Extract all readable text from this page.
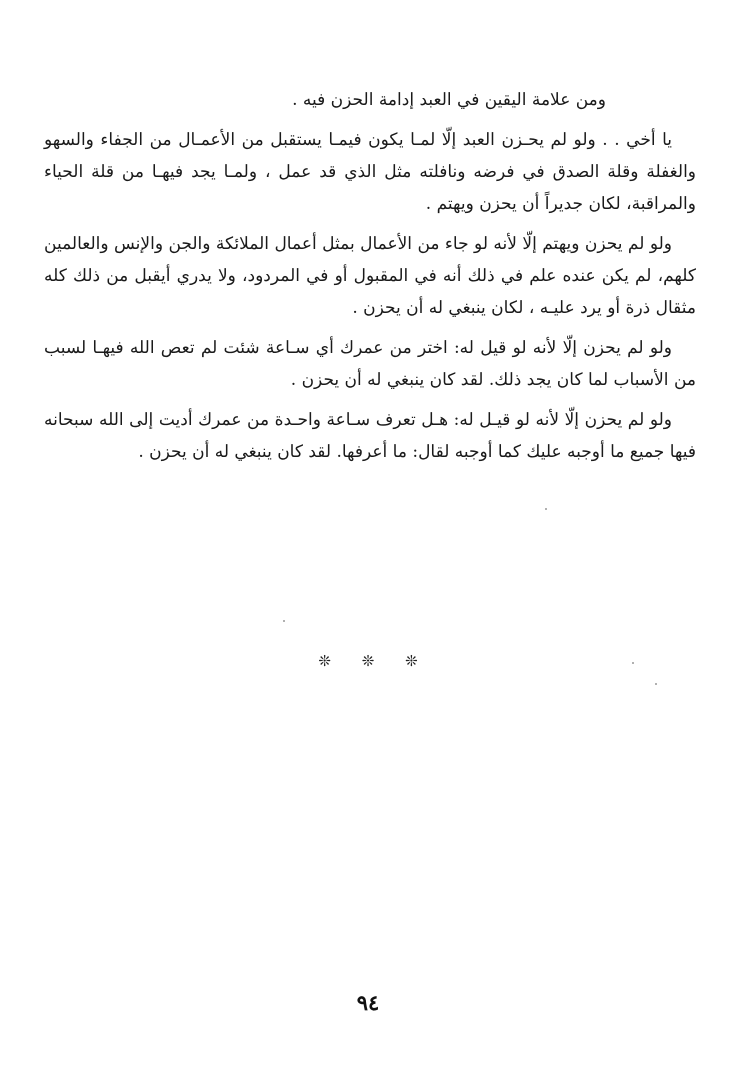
ومن علامة اليقين في العبد إدامة الحزن فيه .

يا أخي . . ولو لم يحـزن العبد إلّا لمـا يكون فيمـا يستقبل من الأعمـال من الجفاء والسهو والغفلة وقلة الصدق في فرضه ونافلته مثل الذي قد عمل ، ولمـا يجد فيهـا من قلة الحياء والمراقبة، لكان جديراً أن يحزن ويهتم .

ولو لم يحزن ويهتم إلّا لأنه لو جاء من الأعمال بمثل أعمال الملائكة والجن والإنس والعالمين كلهم، لم يكن عنده علم في ذلك أنه في المقبول أو في المردود، ولا يدري أيقبل من ذلك كله مثقال ذرة أو يرد عليـه ، لكان ينبغي له أن يحزن .

ولو لم يحزن إلّا لأنه لو قيل له: اختر من عمرك أي سـاعة شئت لم تعص الله فيهـا لسبب من الأسباب لما كان يجد ذلك. لقد كان ينبغي له أن يحزن .

ولو لم يحزن إلّا لأنه لو قيـل له: هـل تعرف سـاعة واحـدة من عمرك أديت إلى الله سبحانه فيها جميع ما أوجبه عليك كما أوجبه لقال: ما أعرفها. لقد كان ينبغي له أن يحزن .

❊ ❊ ❊
٩٤
